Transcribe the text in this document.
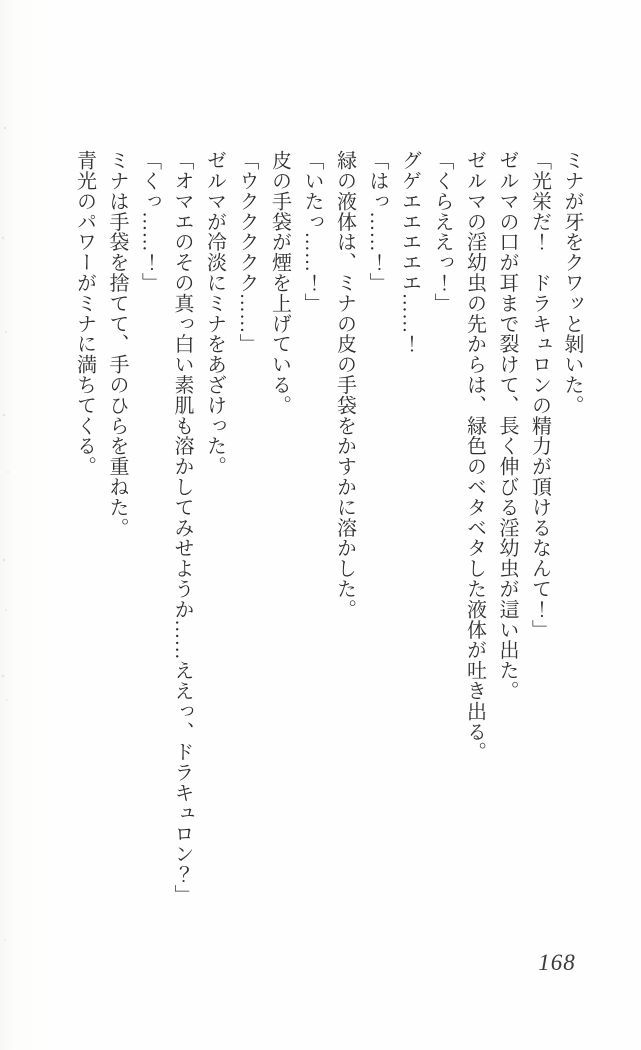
ミナが牙をクワッと剝いた。

「光栄だ！　ドラキュロンの精力が頂けるなんて！」

ゼルマの口が耳まで裂けて、長く伸びる淫幼虫が這い出た。

ゼルマの淫幼虫の先からは、緑色のベタベタした液体が吐き出る。

「くらええっ！」

グゲエエエエエ……！

「はっ……！」

緑の液体は、ミナの皮の手袋をかすかに溶かした。

「いたっ……！」

皮の手袋が煙を上げている。

「ウククククク……」

ゼルマが冷淡にミナをあざけった。

「オマエのその真っ白い素肌も溶かしてみせようか……ええっ、ドラキュロン？」

「くっ……！」

ミナは手袋を捨てて、手のひらを重ねた。

青光のパワーがミナに満ちてくる。

168
